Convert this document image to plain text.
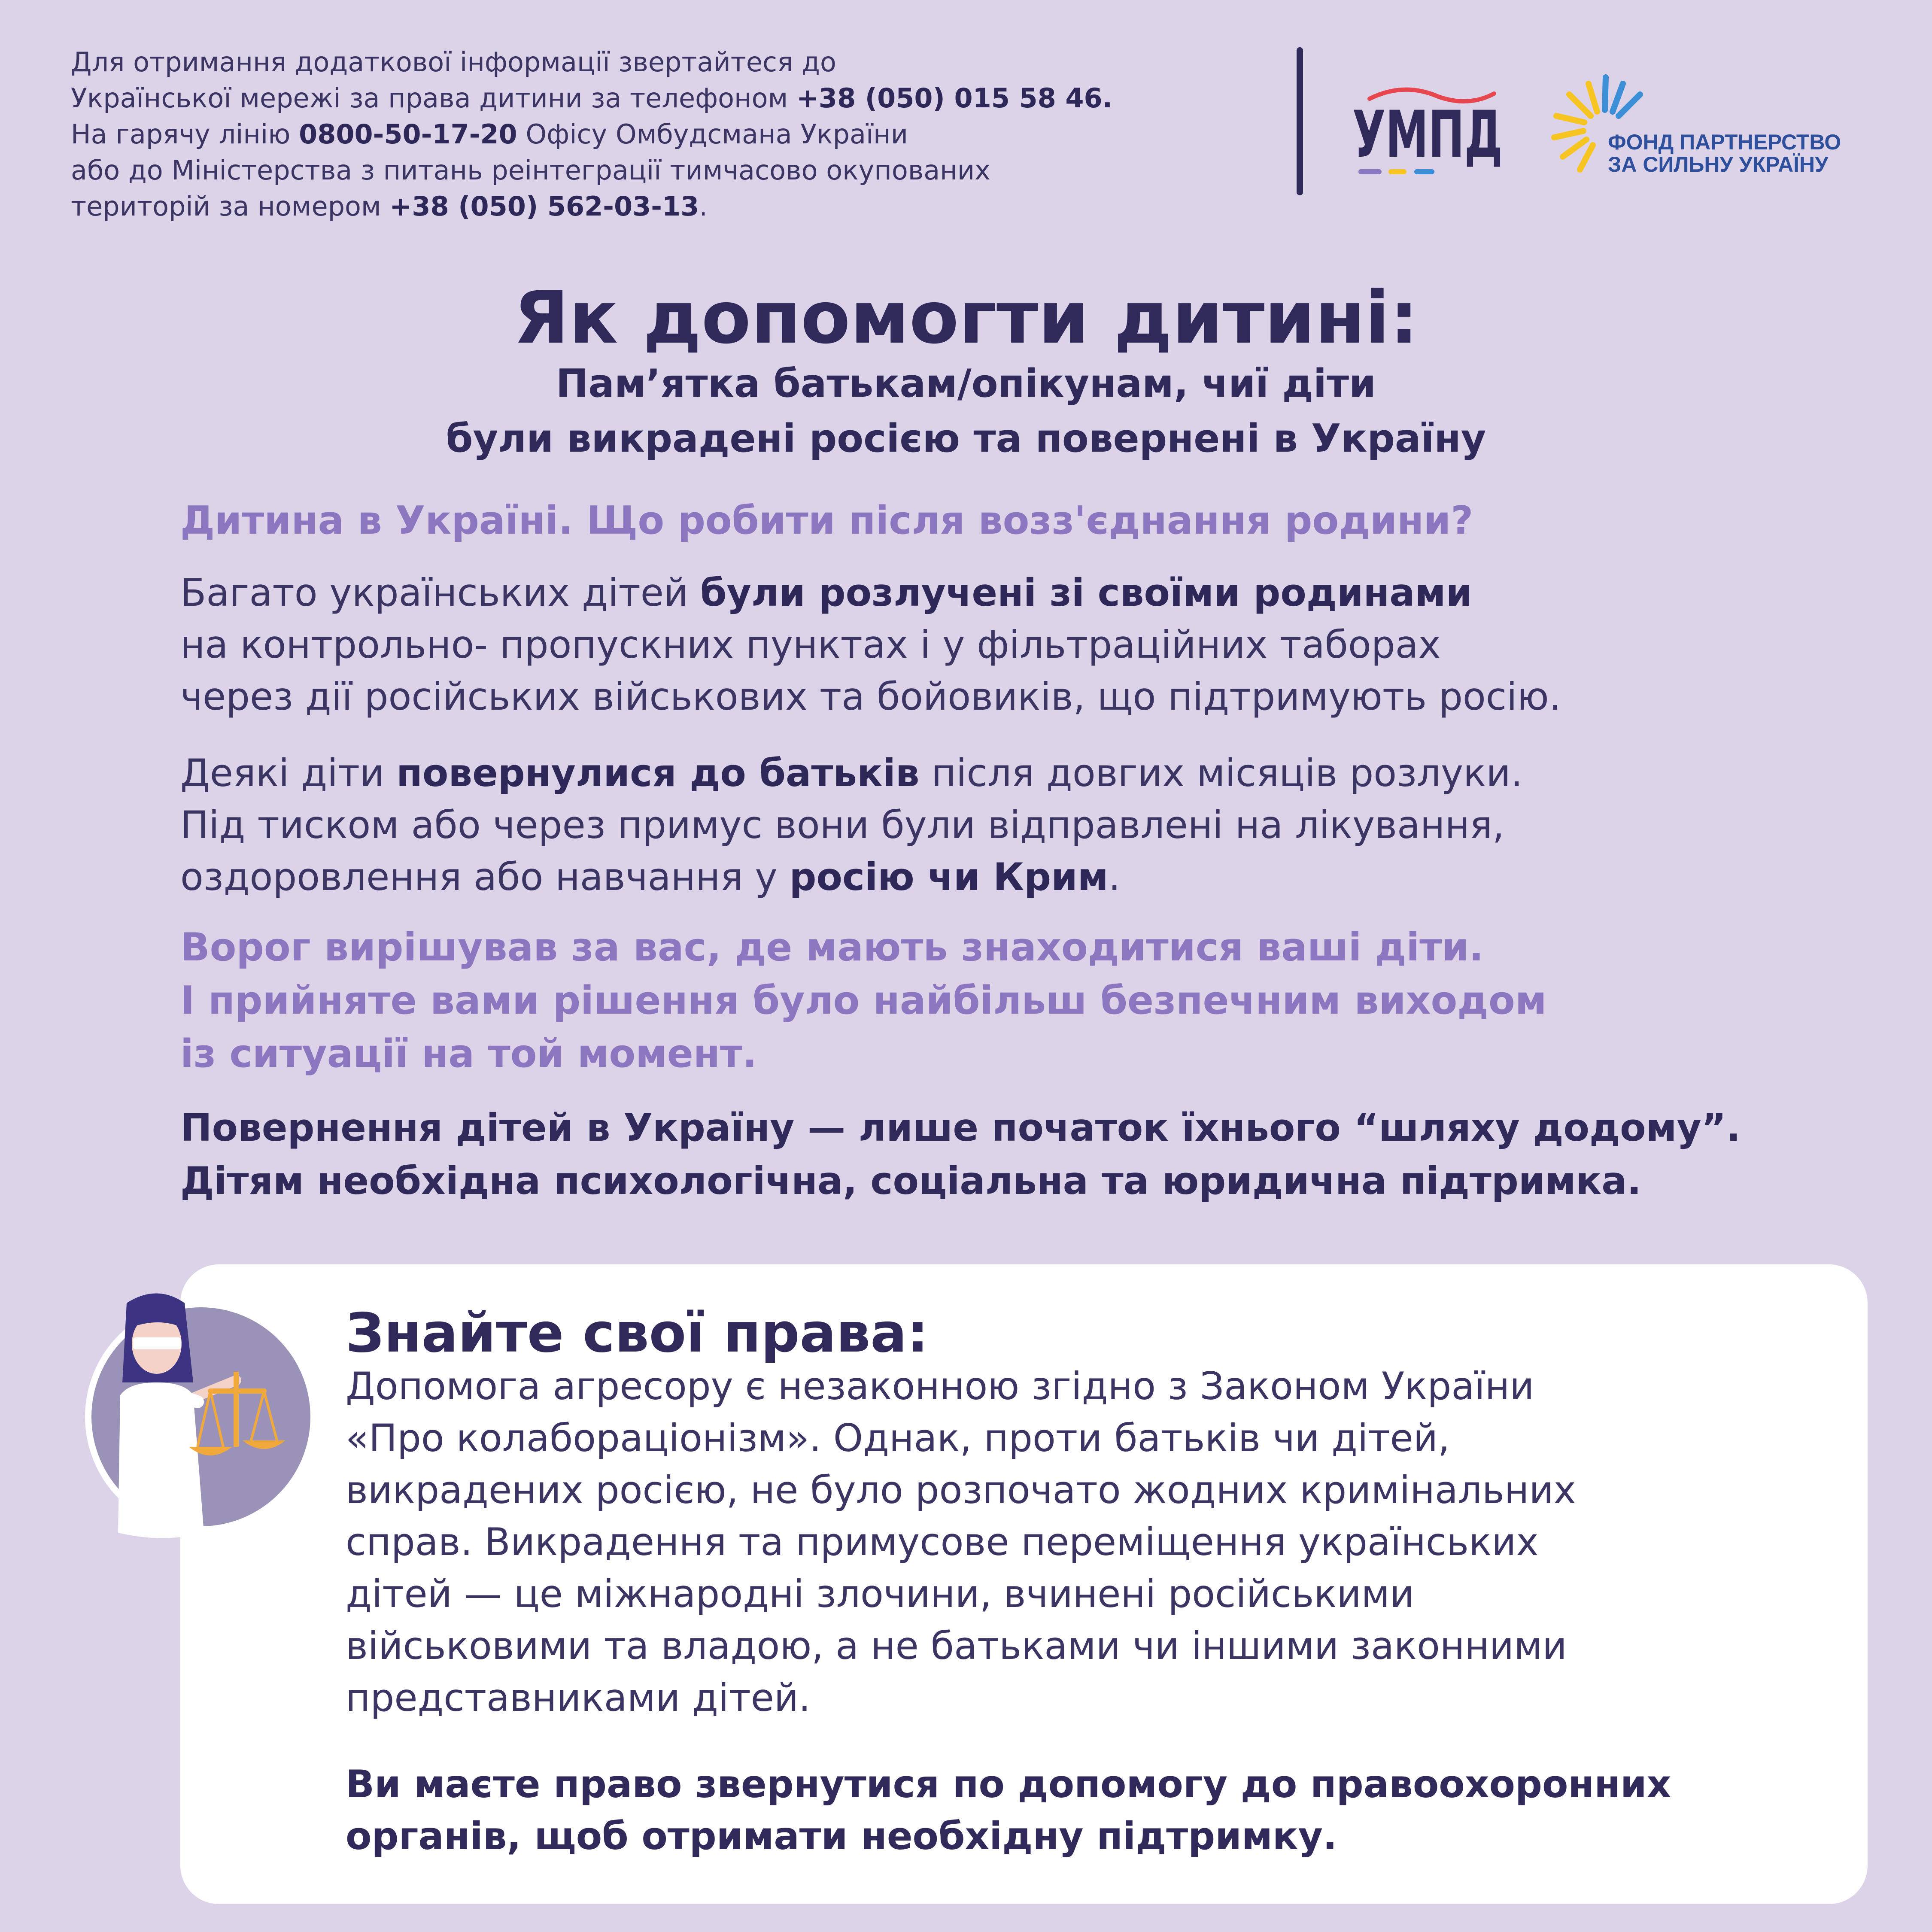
Для отримання додаткової інформації звертайтеся до
Української мережі за права дитини за телефоном +38 (050) 015 58 46.
На гарячу лінію 0800-50-17-20 Офісу Омбудсмана України
або до Міністерства з питань реінтеграції тимчасово окупованих
територій за номером +38 (050) 562-03-13.
УМПД	ФОНД ПАРТНЕРСТВО
ЗА СИЛЬНУ УКРАЇНУ
Як допомогти дитині:
Пам’ятка батькам/опікунам, чиї діти
були викрадені росією та повернені в Україну
Дитина в Україні. Що робити після возз'єднання родини?
Багато українських дітей були розлучені зі своїми родинами
на контрольно- пропускних пунктах і у фільтраційних таборах
через дії російських військових та бойовиків, що підтримують росію.
Деякі діти повернулися до батьків після довгих місяців розлуки.
Під тиском або через примус вони були відправлені на лікування,
оздоровлення або навчання у росію чи Крим.
Ворог вирішував за вас, де мають знаходитися ваші діти.
І прийняте вами рішення було найбільш безпечним виходом
із ситуації на той момент.
Повернення дітей в Україну — лише початок їхнього “шляху додому”.
Дітям необхідна психологічна, соціальна та юридична підтримка.
Знайте свої права:
Допомога агресору є незаконною згідно з Законом України
«Про колабораціонізм». Однак, проти батьків чи дітей,
викрадених росією, не було розпочато жодних кримінальних
справ. Викрадення та примусове переміщення українських
дітей — це міжнародні злочини, вчинені російськими
військовими та владою, а не батьками чи іншими законними
представниками дітей.
Ви маєте право звернутися по допомогу до правоохоронних
органів, щоб отримати необхідну підтримку.
